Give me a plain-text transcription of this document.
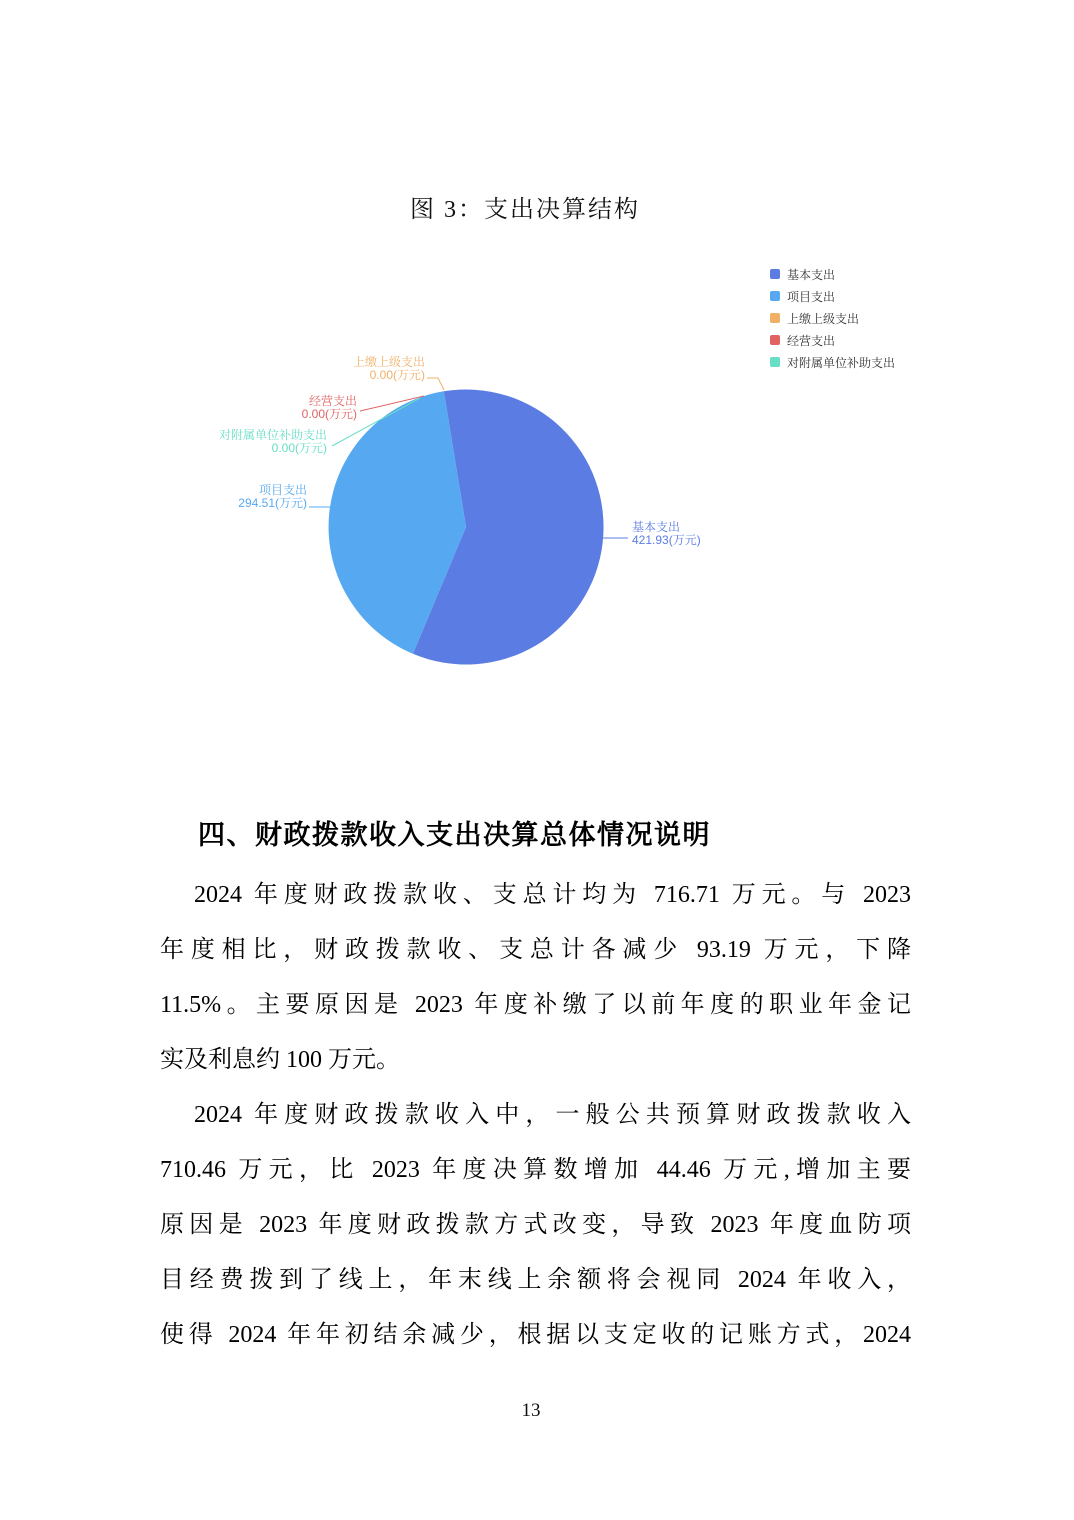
图 3：支出决算结构
基本支出
项目支出
上缴上级支出
经营支出
对附属单位补助支出
上缴上级支出
0.00(万元)
经营支出
0.00(万元)
对附属单位补助支出
0.00(万元)
项目支出
294.51(万元)
基本支出
421.93(万元)
四、财政拨款收入支出决算总体情况说明
2024 年度财政拨款收、支总计均为 716.71 万元。与 2023
年度相比，财政拨款收、支总计各减少 93.19 万元，下降
11.5%。主要原因是 2023 年度补缴了以前年度的职业年金记
实及利息约 100 万元。
2024 年度财政拨款收入中，一般公共预算财政拨款收入
710.46 万元，比 2023 年度决算数增加 44.46 万元,增加主要
原因是 2023 年度财政拨款方式改变，导致 2023 年度血防项
目经费拨到了线上，年末线上余额将会视同 2024 年收入，
使得 2024 年年初结余减少，根据以支定收的记账方式，2024
13
